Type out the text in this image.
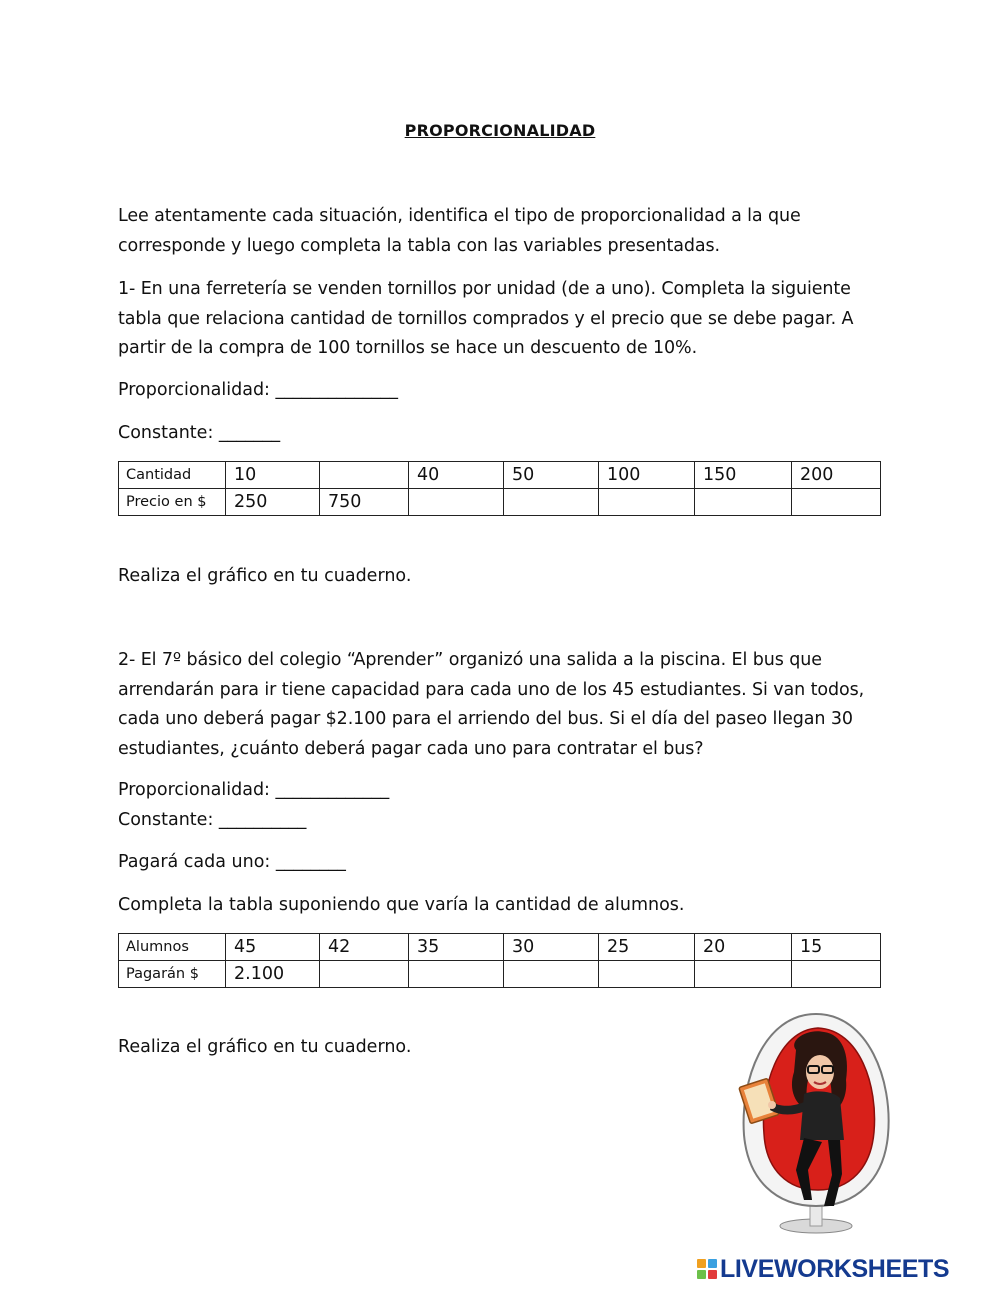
PROPORCIONALIDAD
Lee atentamente cada situación, identifica el tipo de proporcionalidad a la que corresponde y luego completa la tabla con las variables presentadas.
1- En una ferretería se venden tornillos por unidad (de a uno). Completa la siguiente tabla que relaciona cantidad de tornillos comprados y el precio que se debe pagar. A partir de la compra de 100 tornillos se hace un descuento de 10%.
Proporcionalidad: ______________
Constante: _______
Cantidad	10		40	50	100	150	200
Precio en $	250	750					
Realiza el gráfico en tu cuaderno.
2- El 7º básico del colegio “Aprender” organizó una salida a la piscina. El bus que arrendarán para ir tiene capacidad para cada uno de los 45 estudiantes. Si van todos, cada uno deberá pagar $2.100 para el arriendo del bus. Si el día del paseo llegan 30 estudiantes, ¿cuánto deberá pagar cada uno para contratar el bus?
Proporcionalidad: _____________
Constante: __________
Pagará cada uno: ________
Completa la tabla suponiendo que varía la cantidad de alumnos.
Alumnos	45	42	35	30	25	20	15
Pagarán $	2.100						
Realiza el gráfico en tu cuaderno.
LIVEWORKSHEETS
